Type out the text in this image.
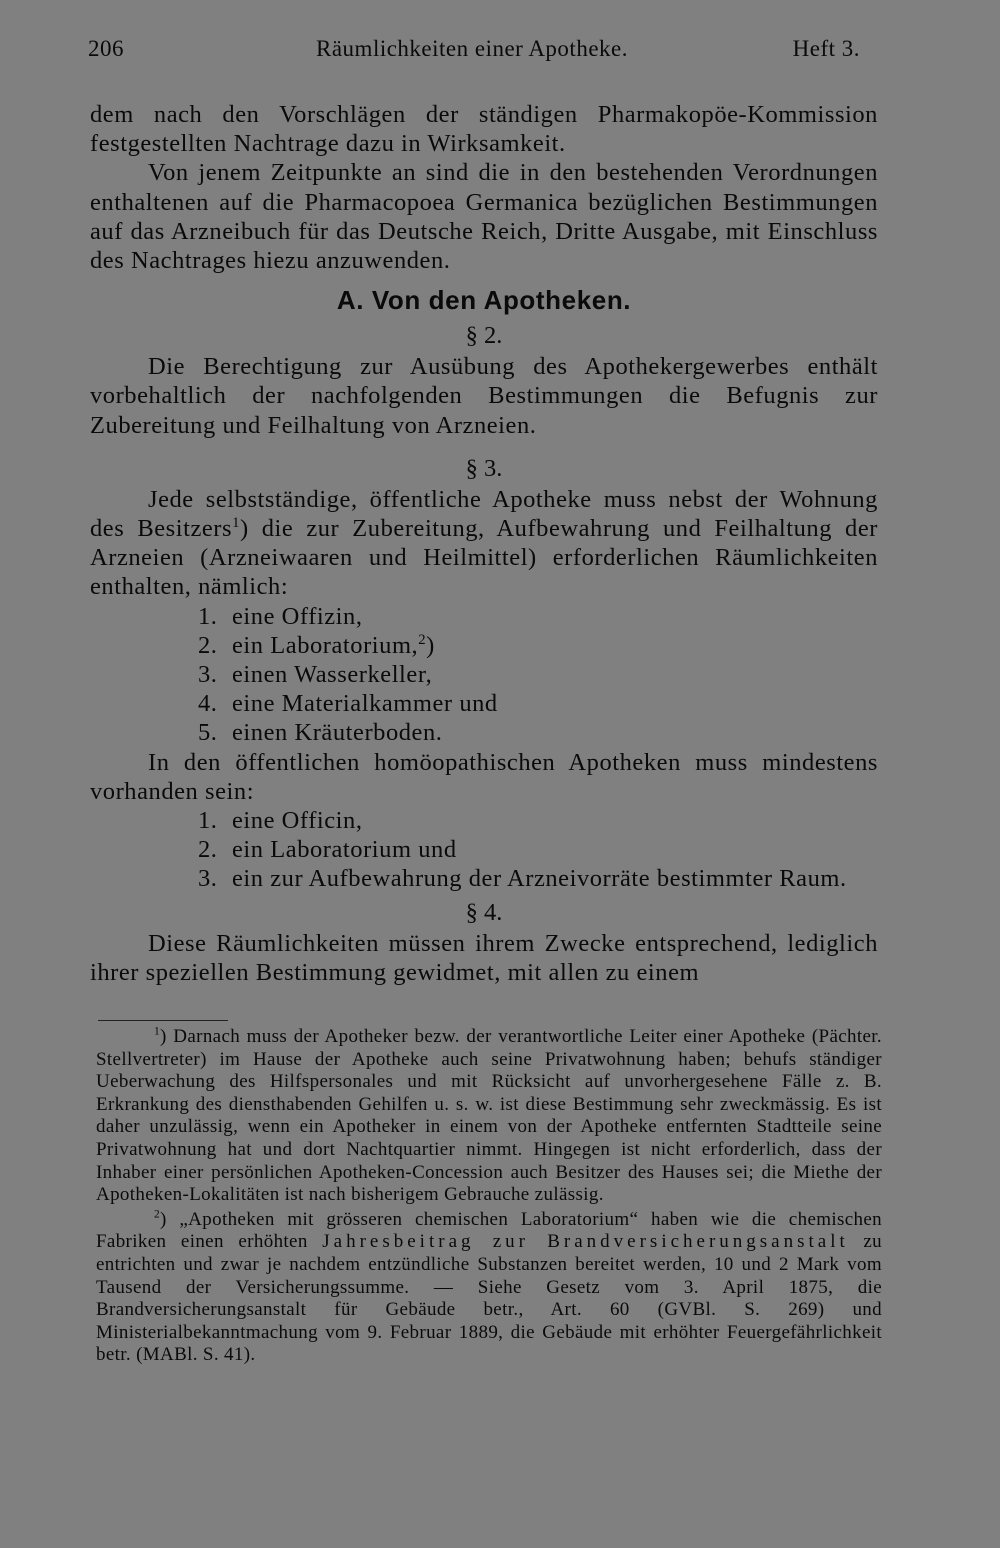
206	Räumlichkeiten einer Apotheke.	Heft 3.

dem nach den Vorschlägen der ständigen Pharmakopöe-Kommission festgestellten Nachtrage dazu in Wirksamkeit.

Von jenem Zeitpunkte an sind die in den bestehenden Verordnungen enthaltenen auf die Pharmacopoea Germanica bezüglichen Bestimmungen auf das Arzneibuch für das Deutsche Reich, Dritte Ausgabe, mit Einschluss des Nachtrages hiezu anzuwenden.

A. Von den Apotheken.
§ 2.

Die Berechtigung zur Ausübung des Apothekergewerbes enthält vorbehaltlich der nachfolgenden Bestimmungen die Befugnis zur Zubereitung und Feilhaltung von Arzneien.

§ 3.

Jede selbstständige, öffentliche Apotheke muss nebst der Wohnung des Besitzers$^1$) die zur Zubereitung, Aufbewahrung und Feilhaltung der Arzneien (Arzneiwaaren und Heilmittel) erforderlichen Räumlichkeiten enthalten, nämlich:

1. eine Offizin,
2. ein Laboratorium,$^2$)
3. einen Wasserkeller,
4. eine Materialkammer und
5. einen Kräuterboden.

In den öffentlichen homöopathischen Apotheken muss mindestens vorhanden sein:

1. eine Officin,
2. ein Laboratorium und
3. ein zur Aufbewahrung der Arzneivorräte bestimmter Raum.
§ 4.

Diese Räumlichkeiten müssen ihrem Zwecke entsprechend, lediglich ihrer speziellen Bestimmung gewidmet, mit allen zu einem

$^1$) Darnach muss der Apotheker bezw. der verantwortliche Leiter einer Apotheke (Pächter. Stellvertreter) im Hause der Apotheke auch seine Privatwohnung haben; behufs ständiger Ueberwachung des Hilfspersonales und mit Rücksicht auf unvorhergesehene Fälle z. B. Erkrankung des diensthabenden Gehilfen u. s. w. ist diese Bestimmung sehr zweckmässig. Es ist daher unzulässig, wenn ein Apotheker in einem von der Apotheke entfernten Stadtteile seine Privatwohnung hat und dort Nachtquartier nimmt. Hingegen ist nicht erforderlich, dass der Inhaber einer persönlichen Apotheken-Concession auch Besitzer des Hauses sei; die Miethe der Apotheken-Lokalitäten ist nach bisherigem Gebrauche zulässig.

$^2$) „Apotheken mit grösseren chemischen Laboratorium“ haben wie die chemischen Fabriken einen erhöhten Jahresbeitrag zur Brandversicherungsanstalt zu entrichten und zwar je nachdem entzündliche Substanzen bereitet werden, 10 und 2 Mark vom Tausend der Versicherungssumme. — Siehe Gesetz vom 3. April 1875, die Brandversicherungsanstalt für Gebäude betr., Art. 60 (GVBl. S. 269) und Ministerialbekanntmachung vom 9. Februar 1889, die Gebäude mit erhöhter Feuergefährlichkeit betr. (MABl. S. 41).
